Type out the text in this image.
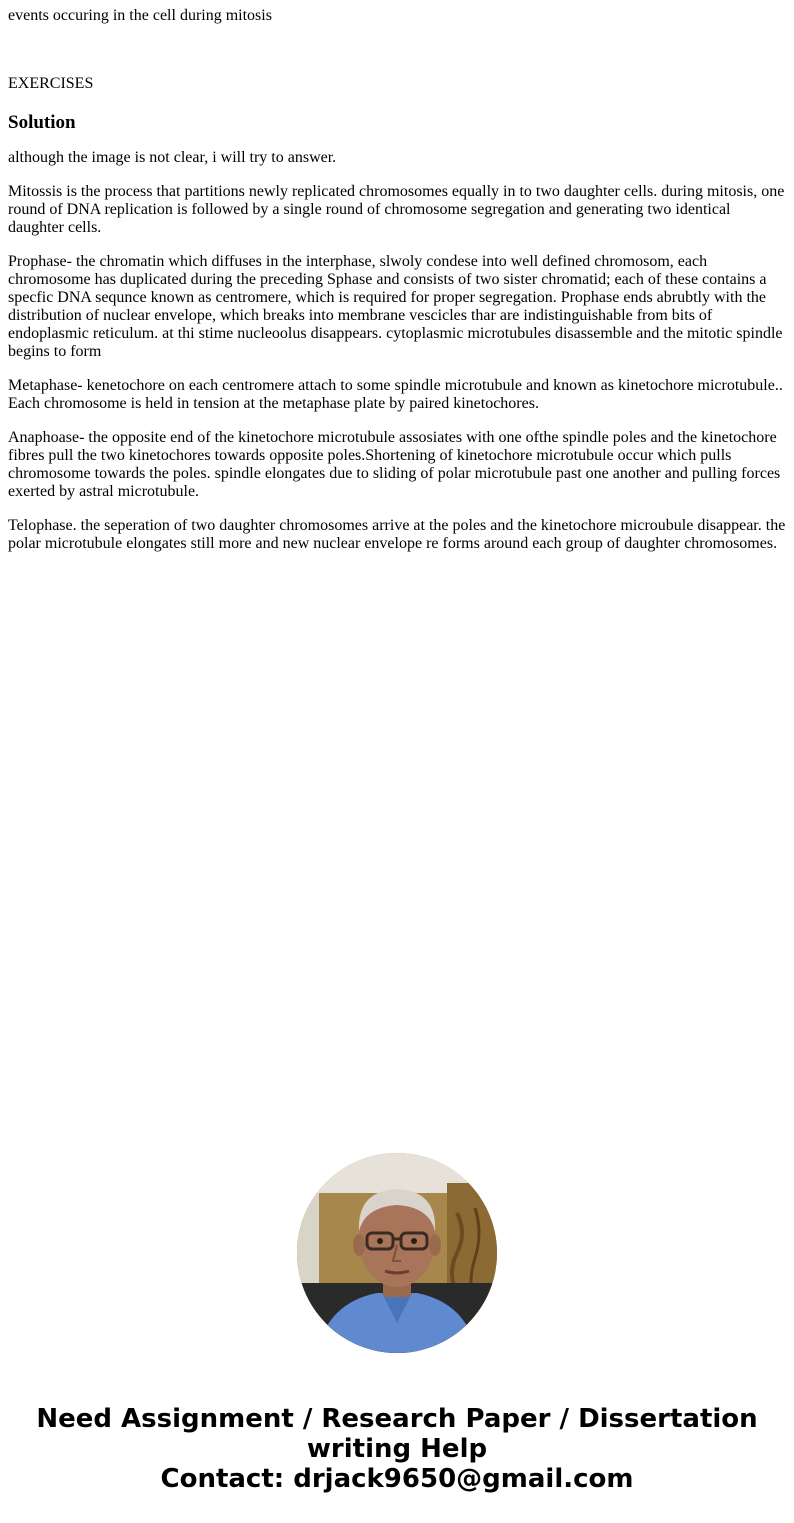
events occuring in the cell during mitosis
EXERCISES
Solution

although the image is not clear, i will try to answer.

Mitossis is the process that partitions newly replicated chromosomes equally in to two daughter cells. during mitosis, one round of DNA replication is followed by a single round of chromosome segregation and generating two identical daughter cells.

Prophase- the chromatin which diffuses in the interphase, slwoly condese into well defined chromosom, each chromosome has duplicated during the preceding Sphase and consists of two sister chromatid; each of these contains a specfic DNA sequnce known as centromere, which is required for proper segregation. Prophase ends abrubtly with the distribution of nuclear envelope, which breaks into membrane vescicles thar are indistinguishable from bits of endoplasmic reticulum. at thi stime nucleoolus disappears. cytoplasmic microtubules disassemble and the mitotic spindle begins to form

Metaphase- kenetochore on each centromere attach to some spindle microtubule and known as kinetochore microtubule.. Each chromosome is held in tension at the metaphase plate by paired kinetochores.

Anaphoase- the opposite end of the kinetochore microtubule assosiates with one ofthe spindle poles and the kinetochore fibres pull the two kinetochores towards opposite poles.Shortening of kinetochore microtubule occur which pulls chromosome towards the poles. spindle elongates due to sliding of polar microtubule past one another and pulling forces exerted by astral microtubule.

Telophase. the seperation of two daughter chromosomes arrive at the poles and the kinetochore microubule disappear. the polar microtubule elongates still more and new nuclear envelope re forms around each group of daughter chromosomes.

Need Assignment / Research Paper / Dissertation
writing Help
Contact: drjack9650@gmail.com
